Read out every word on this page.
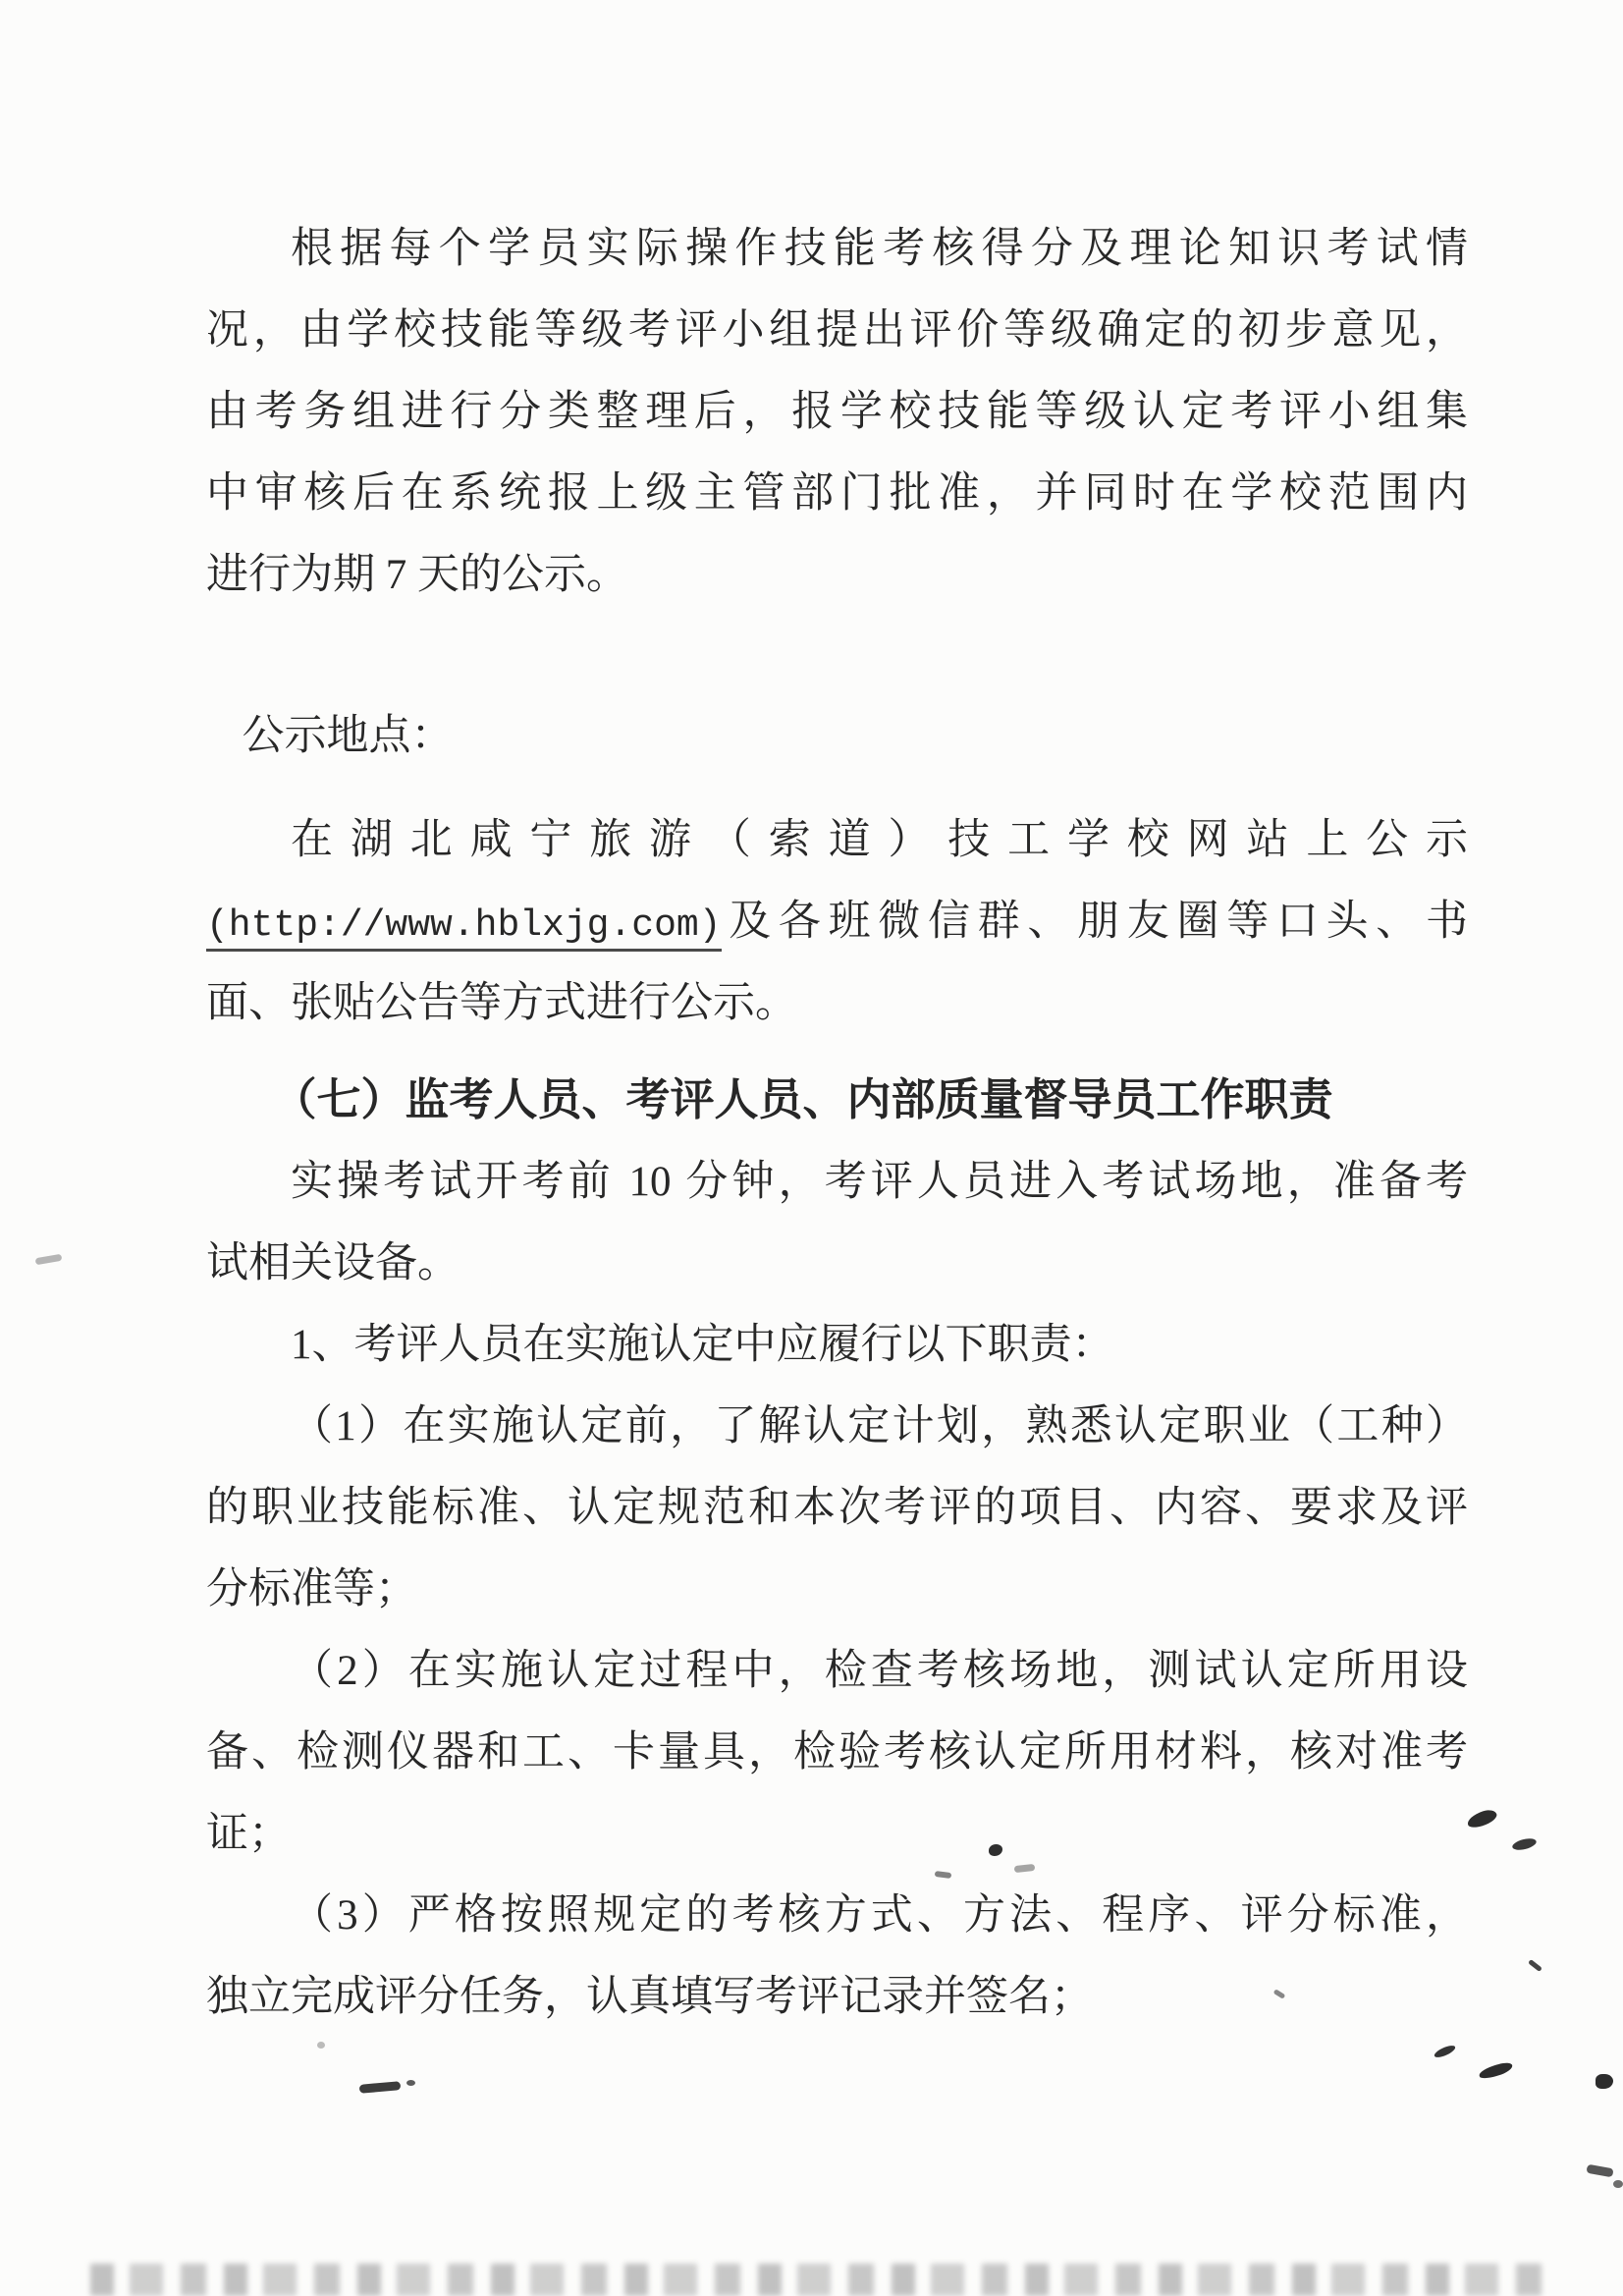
根据每个学员实际操作技能考核得分及理论知识考试情
况，由学校技能等级考评小组提出评价等级确定的初步意见，
由考务组进行分类整理后，报学校技能等级认定考评小组集
中审核后在系统报上级主管部门批准，并同时在学校范围内
进行为期 7 天的公示。
公示地点：
在湖北咸宁旅游（索道）技工学校网站上公示
(http://www.hblxjg.com)及各班微信群、朋友圈等口头、书
面、张贴公告等方式进行公示。
（七）监考人员、考评人员、内部质量督导员工作职责
实操考试开考前 10 分钟，考评人员进入考试场地，准备考
试相关设备。
1、考评人员在实施认定中应履行以下职责：
（1）在实施认定前，了解认定计划，熟悉认定职业（工种）
的职业技能标准、认定规范和本次考评的项目、内容、要求及评
分标准等；
（2）在实施认定过程中，检查考核场地，测试认定所用设
备、检测仪器和工、卡量具，检验考核认定所用材料，核对准考
证；
（3）严格按照规定的考核方式、方法、程序、评分标准，
独立完成评分任务，认真填写考评记录并签名；
